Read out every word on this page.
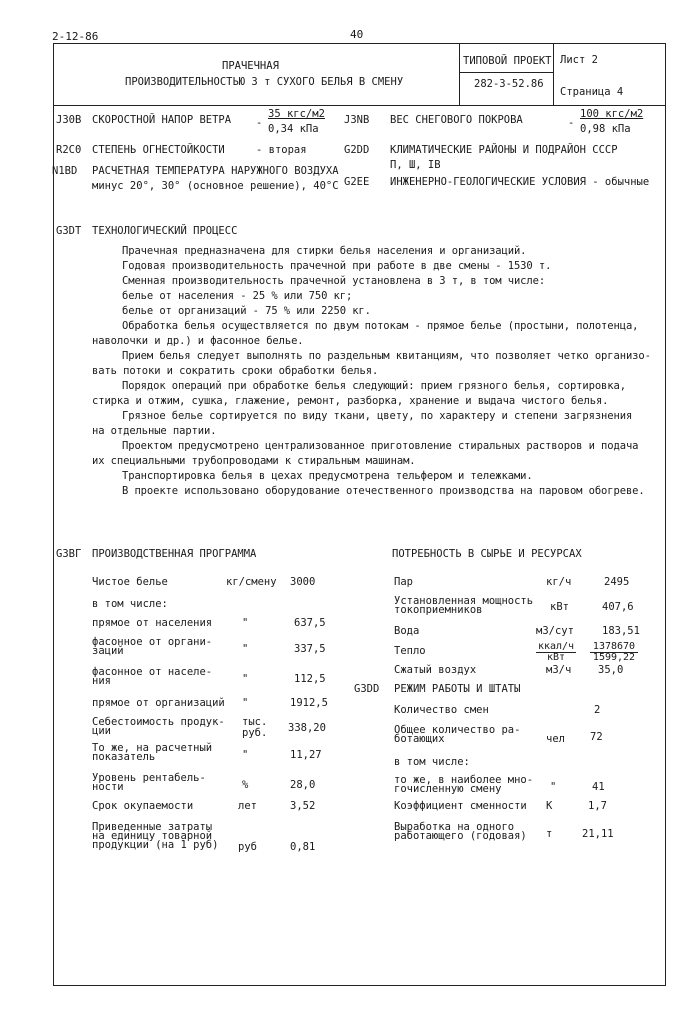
2-12-86	40
ПРАЧЕЧНАЯ
ПРОИЗВОДИТЕЛЬНОСТЬЮ 3 т СУХОГО БЕЛЬЯ В СМЕНУ
ТИПОВОЙ ПРОЕКТ
282-3-52.86
Лист 2
Страница 4
J30B СКОРОСТНОЙ НАПОР ВЕТРА -
35 кгс/м2
0,34 кПа
J3NB ВЕС СНЕГОВОГО ПОКРОВА	-
100 кгс/м2
0,98 кПа
R2C0 СТЕПЕНЬ ОГНЕСТОЙКОСТИ	- вторая	G2DD КЛИМАТИЧЕСКИЕ РАЙОНЫ И ПОДРАЙОН СССР
П, Ш, IВ
N1BD РАСЧЕТНАЯ ТЕМПЕРАТУРА НАРУЖНОГО ВОЗДУХА
минус 20°, 30° (основное решение), 40°С G2EE ИНЖЕНЕРНО-ГЕОЛОГИЧЕСКИЕ УСЛОВИЯ - обычные
G3DT ТЕХНОЛОГИЧЕСКИЙ ПРОЦЕСС
Прачечная предназначена для стирки белья населения и организаций.
Годовая производительность прачечной при работе в две смены - 1530 т.
Сменная производительность прачечной установлена в 3 т, в том числе:
белье от населения - 25 % или 750 кг;
белье от организаций - 75 % или 2250 кг.
Обработка белья осуществляется по двум потокам - прямое белье (простыни, полотенца,
наволочки и др.) и фасонное белье.
Прием белья следует выполнять по раздельным квитанциям, что позволяет четко организо-
вать потоки и сократить сроки обработки белья.
Порядок операций при обработке белья следующий: прием грязного белья, сортировка,
стирка и отжим, сушка, глажение, ремонт, разборка, хранение и выдача чистого белья.
Грязное белье сортируется по виду ткани, цвету, по характеру и степени загрязнения
на отдельные партии.
Проектом предусмотрено централизованное приготовление стиральных растворов и подача
их специальными трубопроводами к стиральным машинам.
Транспортировка белья в цехах предусмотрена тельфером и тележками.
В проекте использовано оборудование отечественного производства на паровом обогреве.
G3BГ ПРОИЗВОДСТВЕННАЯ ПРОГРАММА
Чистое белье	кг/смену 3000
в том числе:
прямое от населения	"	637,5
фасонное от органи-
заций	"	337,5
фасонное от населе-
ния	"	112,5
прямое от организаций "	1912,5
Себестоимость продук-
ции
тыс.
руб. 338,20
То же, на расчетный
показатель	"	11,27
Уровень рентабель-
ности	%	28,0
Срок окупаемости	лет	3,52
Приведенные затраты
на единицу товарной
продукции (на 1 руб) руб	0,81
ПОТРЕБНОСТЬ В СЫРЬЕ И РЕСУРСАХ
Пар	кг/ч	2495
Установленная мощность
токоприемников	кВт	407,6
Вода	м3/сут	183,51
Тепло	ккал/ч
кВт	$\frac{1378670}{1599,22}$
Сжатый воздух	м3/ч	35,0
G3DD РЕЖИМ РАБОТЫ И ШТАТЫ
Количество смен	2
Общее количество ра-
ботающих	чел 72
в том числе:
то же, в наиболее мно-
гочисленную смену	"	41
Коэффициент сменности К	1,7
Выработка на одного
работающего (годовая) т	21,11
